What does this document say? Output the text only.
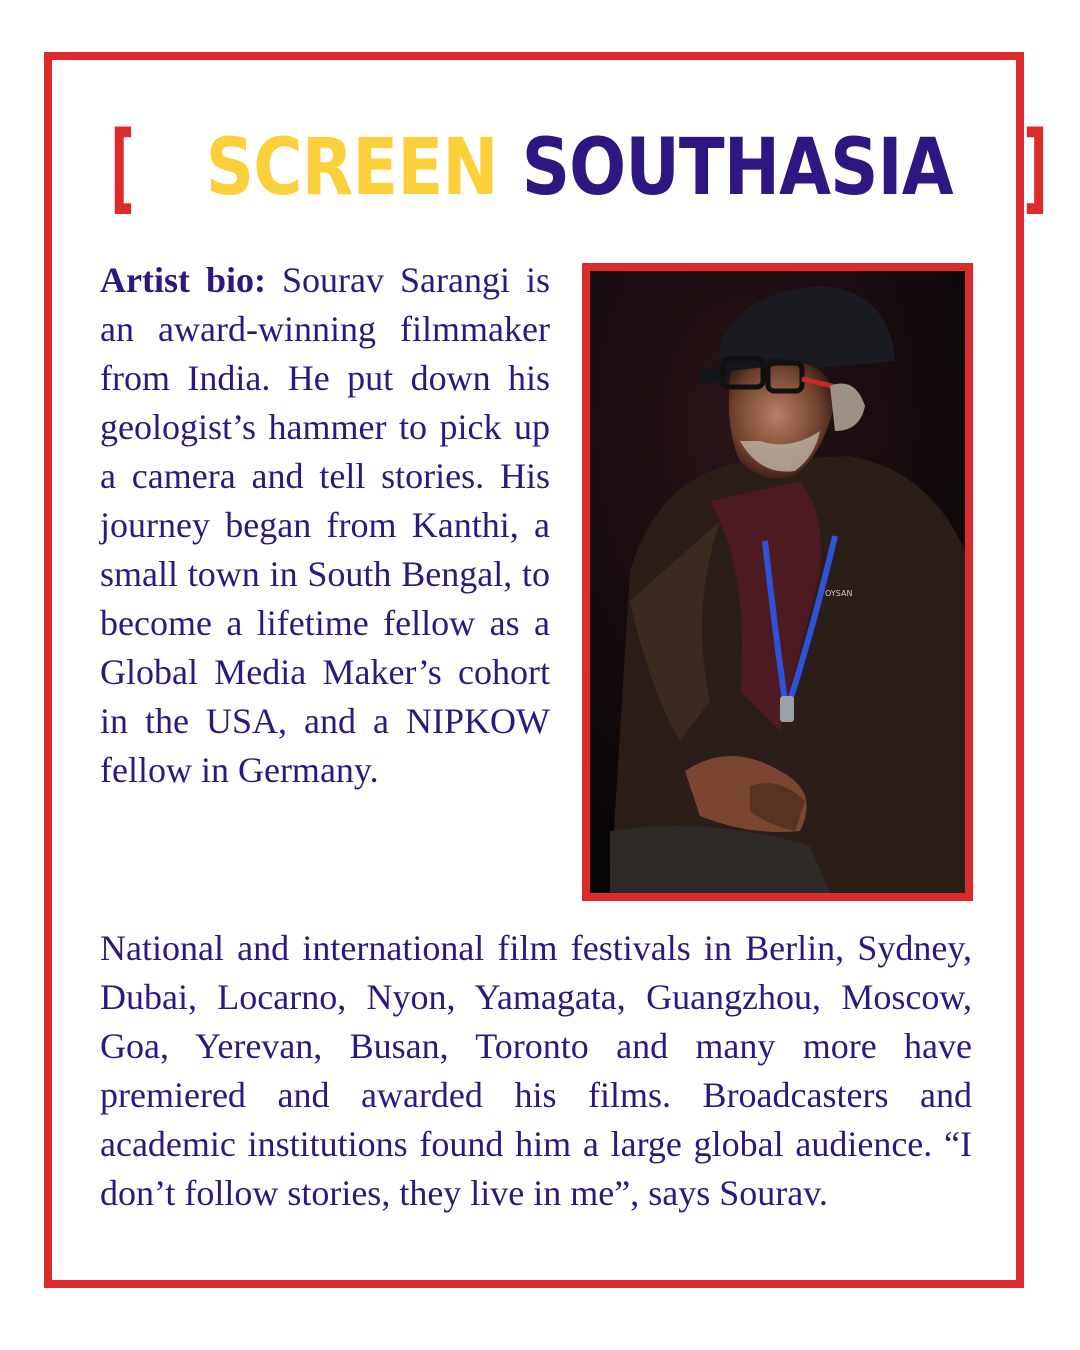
[ SCREEN SOUTHASIA ]

Artist bio: Sourav Sarangi is an award-winning filmmaker from India. He put down his geologist’s hammer to pick up a camera and tell stories. His journey began from Kanthi, a small town in South Bengal, to become a lifetime fellow as a Global Media Maker’s cohort in the USA, and a NIPKOW fellow in Germany.

OYSAN

National and international film festivals in Berlin, Sydney, Dubai, Locarno, Nyon, Yamagata, Guangzhou, Moscow, Goa, Yerevan, Busan, Toronto and many more have premiered and awarded his films. Broadcasters and academic institutions found him a large global audience. “I don’t follow stories, they live in me”, says Sourav.
